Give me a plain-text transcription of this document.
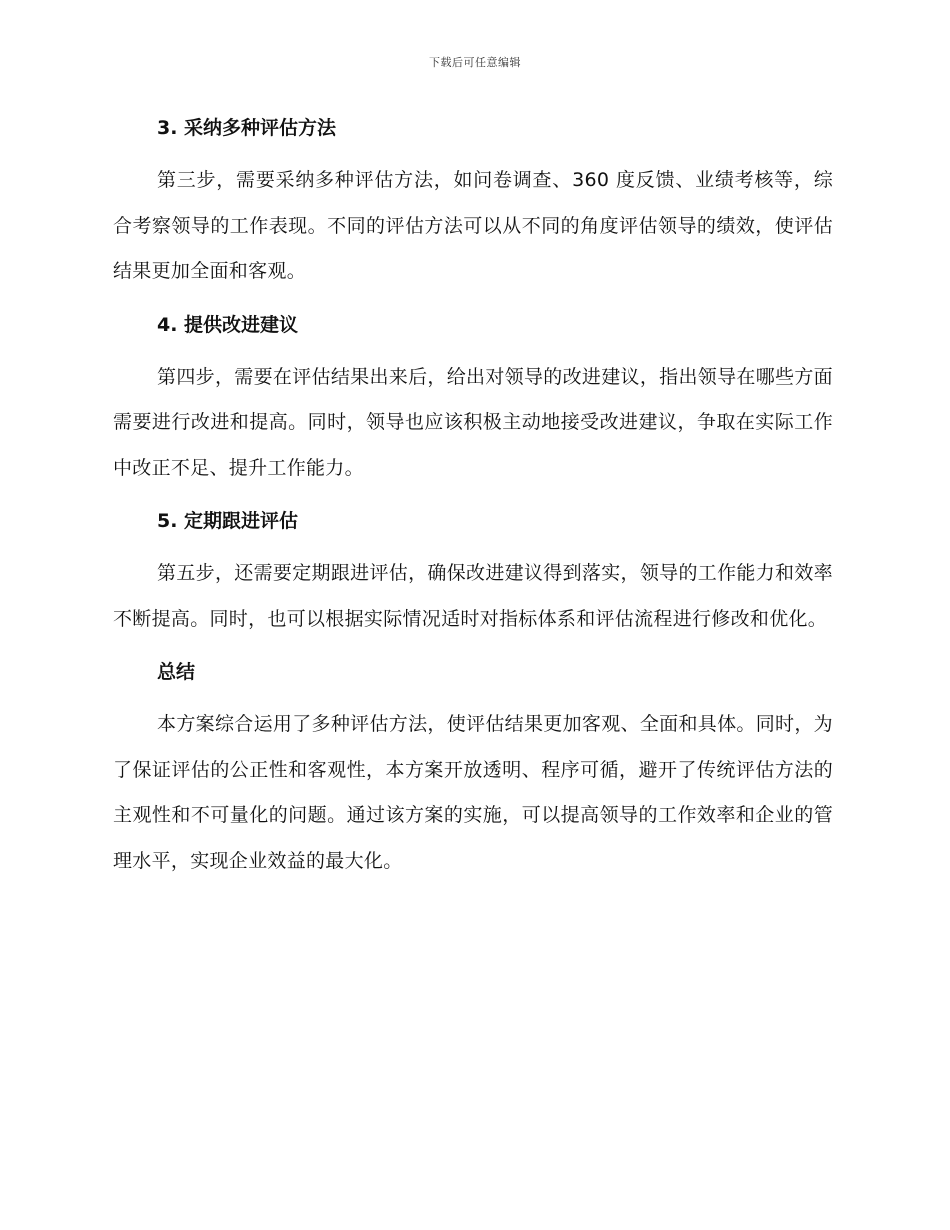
下载后可任意编辑
3. 采纳多种评估方法

第三步，需要采纳多种评估方法，如问卷调查、360 度反馈、业绩考核等，综合考察领导的工作表现。不同的评估方法可以从不同的角度评估领导的绩效，使评估结果更加全面和客观。

4. 提供改进建议

第四步，需要在评估结果出来后，给出对领导的改进建议，指出领导在哪些方面需要进行改进和提高。同时，领导也应该积极主动地接受改进建议，争取在实际工作中改正不足、提升工作能力。

5. 定期跟进评估

第五步，还需要定期跟进评估，确保改进建议得到落实，领导的工作能力和效率不断提高。同时，也可以根据实际情况适时对指标体系和评估流程进行修改和优化。

总结

本方案综合运用了多种评估方法，使评估结果更加客观、全面和具体。同时，为了保证评估的公正性和客观性，本方案开放透明、程序可循，避开了传统评估方法的主观性和不可量化的问题。通过该方案的实施，可以提高领导的工作效率和企业的管理水平，实现企业效益的最大化。
